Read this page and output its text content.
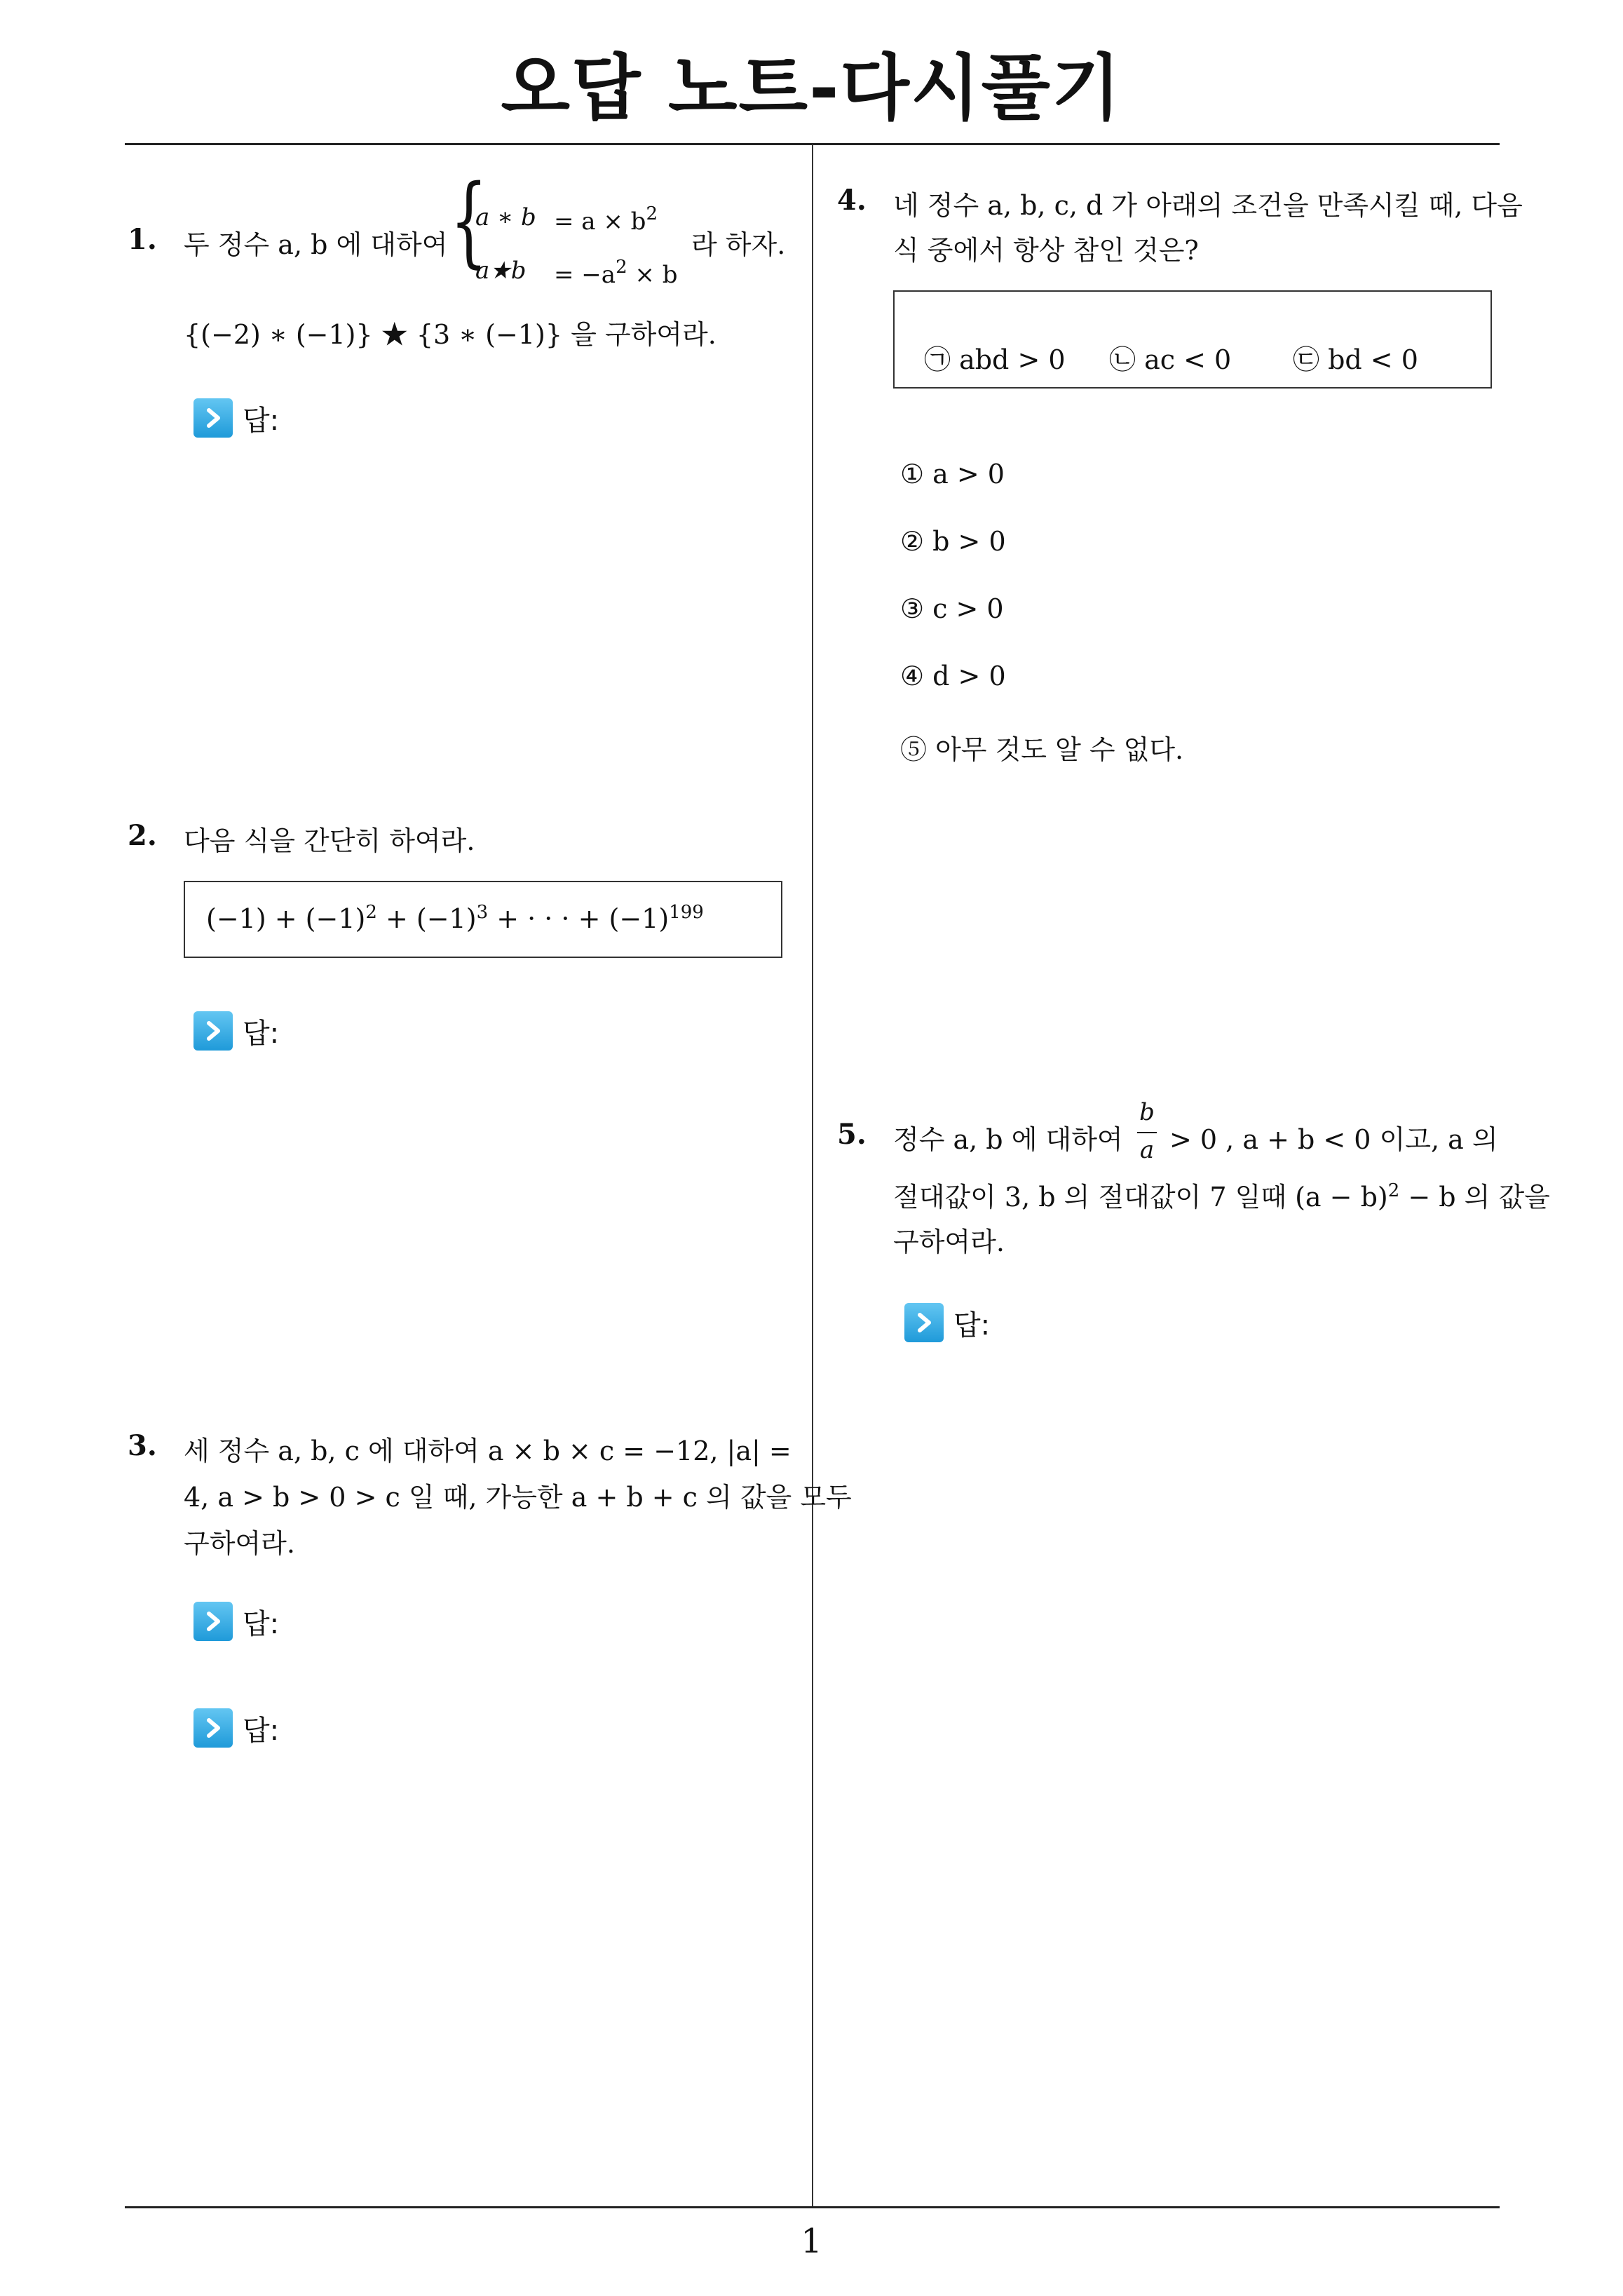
오답 노트-다시풀기
1. 두 정수 a, b 에 대하여 {
a ∗ $b = a \times b^2$
a★b = $-a^2 \times b$
라 하자.
{(−2) ∗ (−1)} ★ {3 ∗ (−1)} 을 구하여라.
답:
2. 다음 식을 간단히 하여라.
$(-1) + (-1)^2 + (-1)^3$ + · · · + $(-1)^{199}$
답:
3. 세 정수 a, b, c 에 대하여 a × b × c = −12, |a| =
4, a > b > 0 > c 일 때, 가능한 a + b + c 의 값을 모두
구하여라.
답:
답:
4. 네 정수 a, b, c, d 가 아래의 조건을 만족시킬 때, 다음
식 중에서 항상 참인 것은?
㉠ abd > 0 ㉡ ac < 0 ㉢ bd < 0
① a > 0
② b > 0
③ c > 0
④ d > 0
⑤ 아무 것도 알 수 없다.
5. 정수 a, b 에 대하여
b
a > 0 , a + b < 0 이고, a 의
절대값이 3, b 의 절대값이 7 일때 $(a - b)^2 - b$ 의 값을
구하여라.
답:
1
